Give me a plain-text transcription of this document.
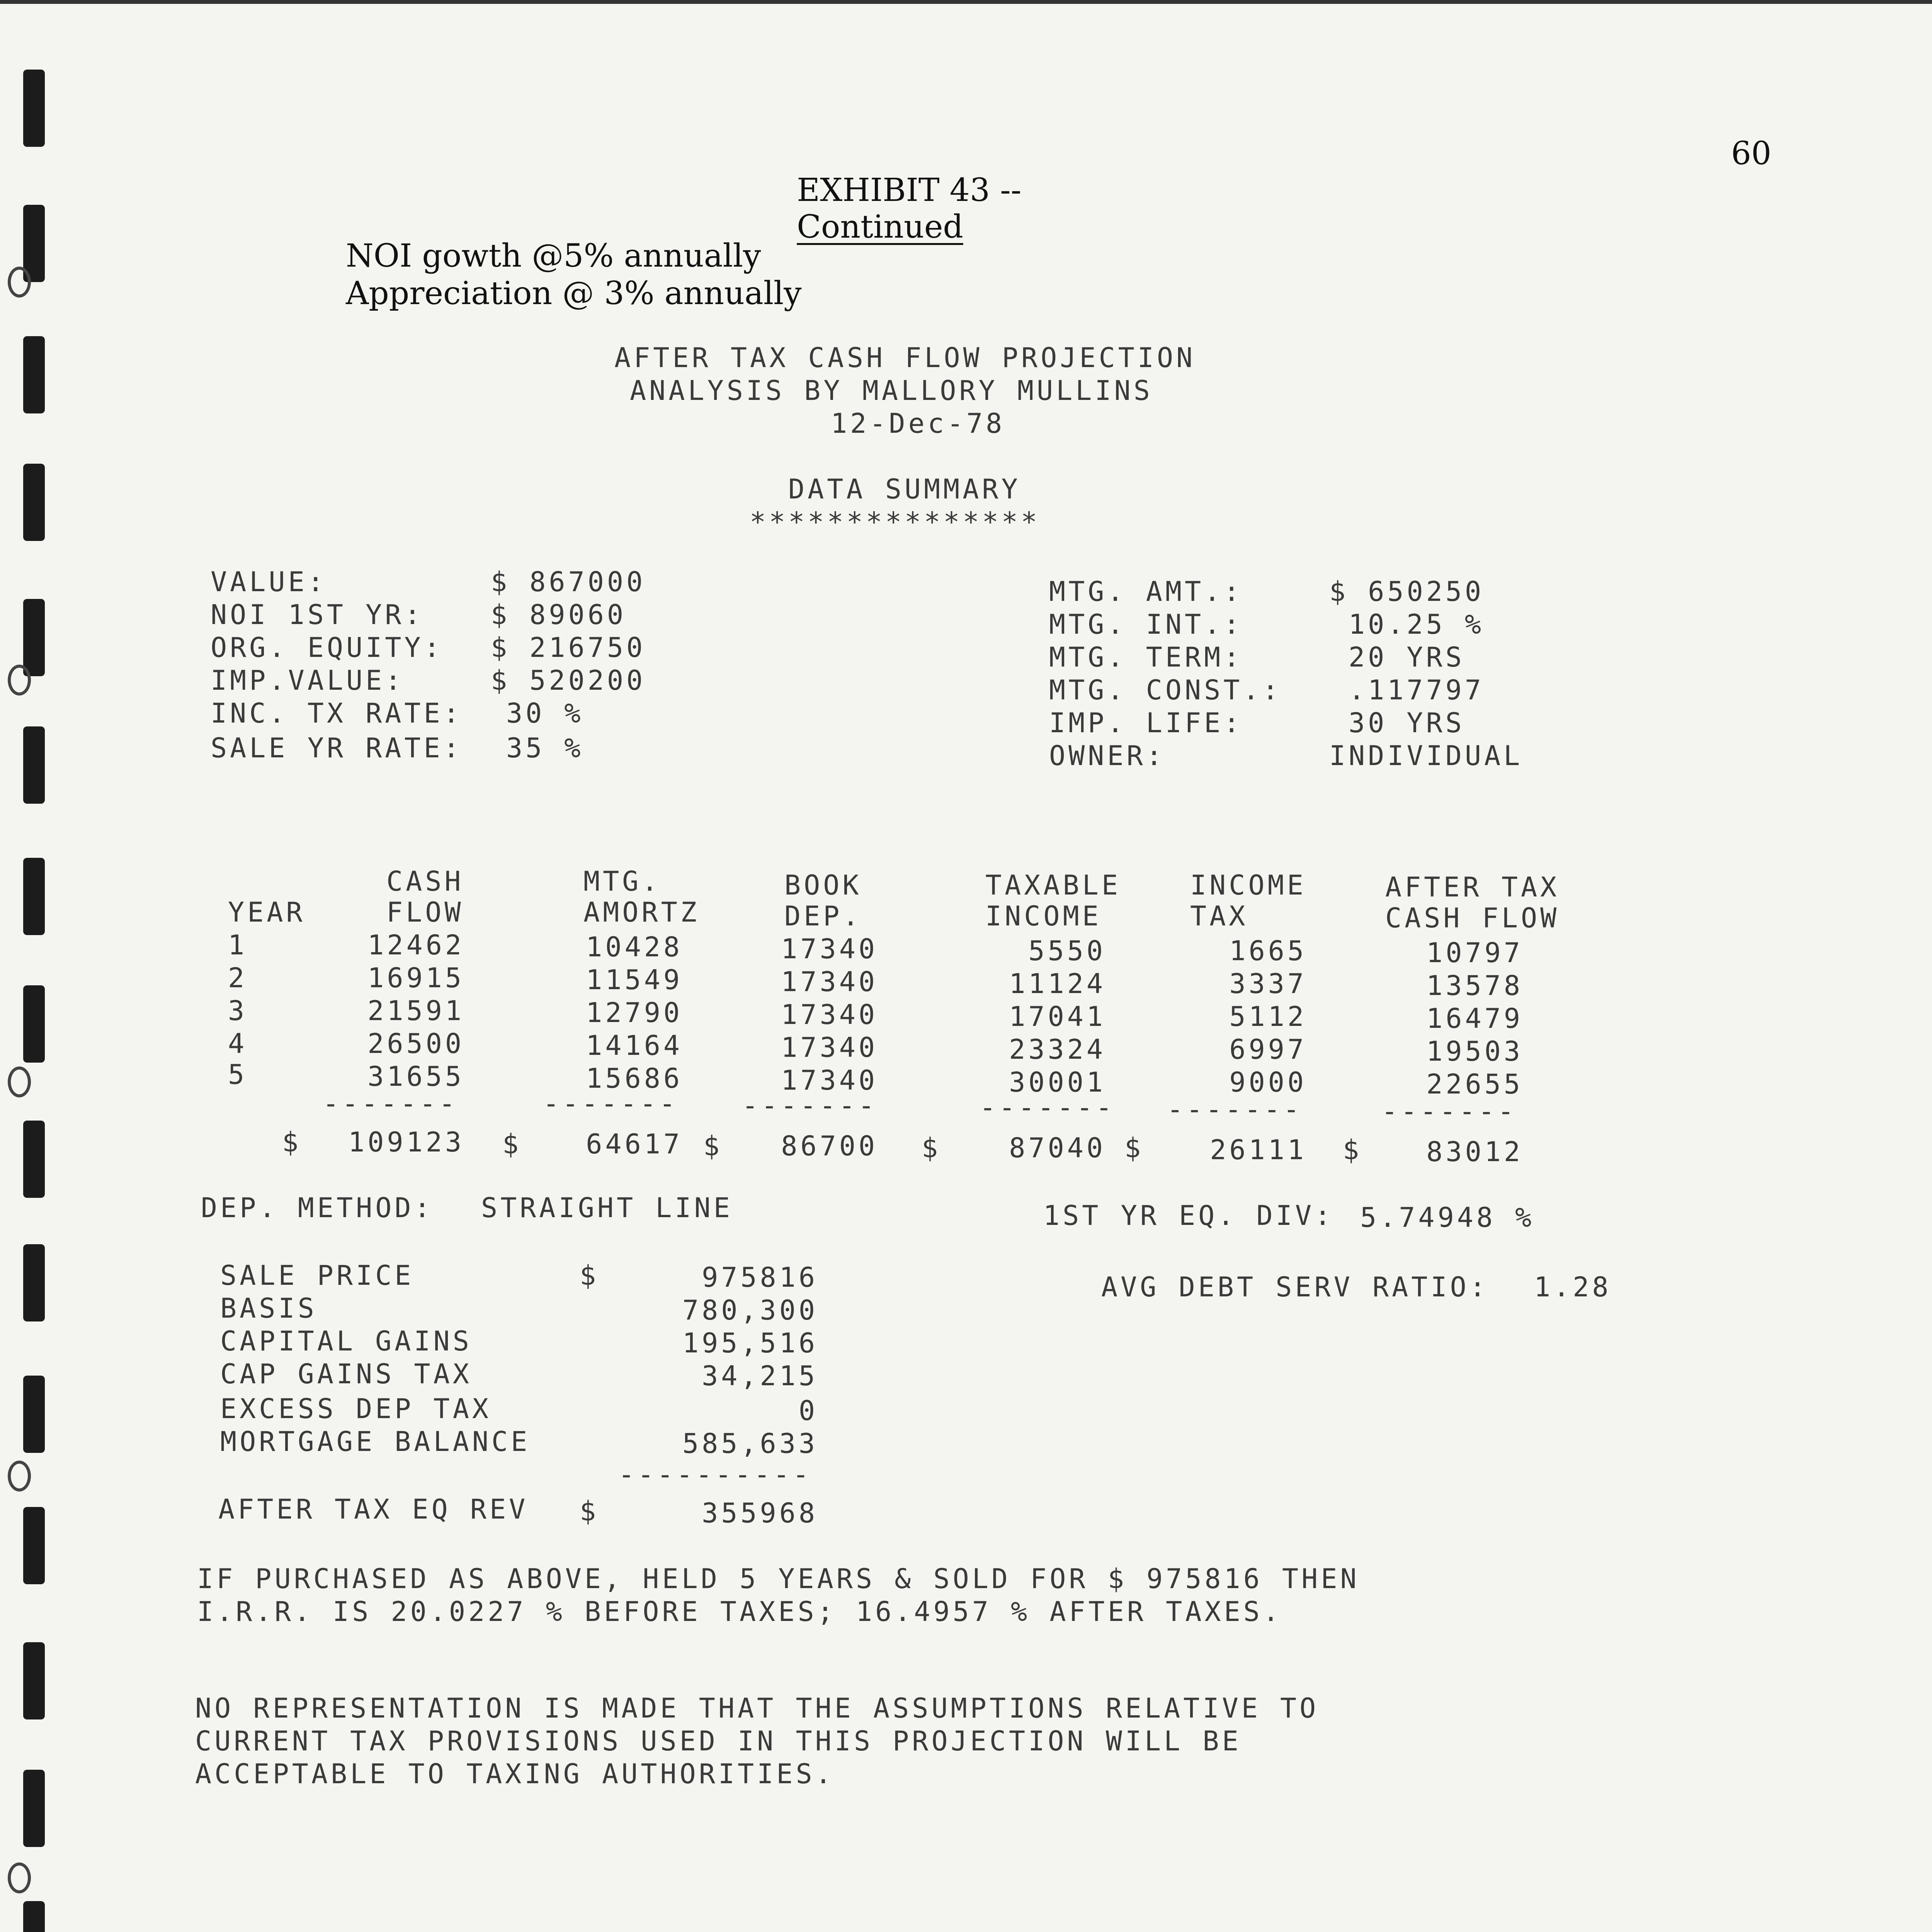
EXHIBIT 43 --
Continued

60
NOI gowth @5% annually
Appreciation @ 3% annually
AFTER TAX CASH FLOW PROJECTION
ANALYSIS BY MALLORY MULLINS
12-Dec-78
DATA SUMMARY
***************
VALUE:	$ 867000
NOI 1ST YR: $ 89060
ORG. EQUITY: $ 216750
IMP.VALUE:	$ 520200
INC. TX RATE: 30 %
SALE YR RATE: 35 %
MTG. AMT.:	$ 650250
MTG. INT.:	10.25 %
MTG. TERM:	20 YRS
MTG. CONST.: .117797
IMP. LIFE:	30 YRS
OWNER:	INDIVIDUAL
CASH	MTG.	BOOK	TAXABLE	INCOME	AFTER TAX
YEAR	FLOW	AMORTZ	DEP.	INCOME	TAX	CASH FLOW
1	12462	10428	17340	5550	1665	10797
2	16915	11549	17340	11124	3337	13578
3	21591	12790	17340	17041	5112	16479
4	26500	14164	17340	23324	6997	19503
5	31655	15686	17340	30001	9000	22655
-------	------- -------	------- -------	-------
$ 109123 $ 64617 $ 86700 $	87040 $ 26111 $ 83012
DEP. METHOD: STRAIGHT LINE	1ST YR EQ. DIV: 5.74948 %
AVG DEBT SERV RATIO: 1.28
SALE PRICE	$	975816
BASIS	780,300
CAPITAL GAINS	195,516
CAP GAINS TAX	34,215
EXCESS DEP TAX	0
MORTGAGE BALANCE	585,633
----------
AFTER TAX EQ REV $	355968
IF PURCHASED AS ABOVE, HELD 5 YEARS & SOLD FOR $ 975816 THEN
I.R.R. IS 20.0227 % BEFORE TAXES; 16.4957 % AFTER TAXES.
NO REPRESENTATION IS MADE THAT THE ASSUMPTIONS RELATIVE TO
CURRENT TAX PROVISIONS USED IN THIS PROJECTION WILL BE
ACCEPTABLE TO TAXING AUTHORITIES.
